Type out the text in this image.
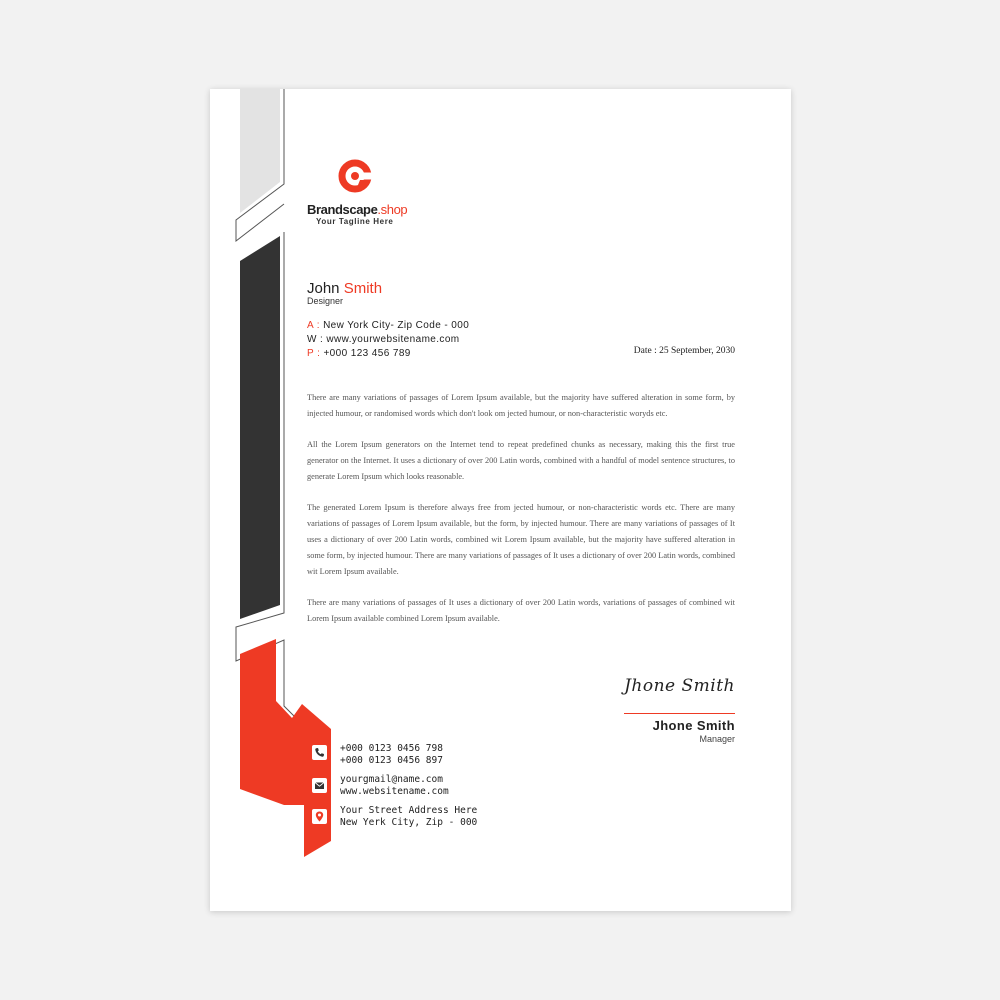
Brandscape.shop
Your Tagline Here
John Smith
Designer
A : New York City- Zip Code - 000
W : www.yourwebsitename.com
P : +000 123 456 789	Date : 25 September, 2030

There are many variations of passages of Lorem Ipsum available, but the majority have suffered alteration in some form, by injected humour, or randomised words which don't look om jected humour, or non-characteristic woryds etc.

All the Lorem Ipsum generators on the Internet tend to repeat predefined chunks as necessary, making this the first true generator on the Internet. It uses a dictionary of over 200 Latin words, combined with a handful of model sentence structures, to generate Lorem Ipsum which looks reasonable.

The generated Lorem Ipsum is therefore always free from jected humour, or non-characteristic words etc. There are many variations of passages of Lorem Ipsum available, but the form, by injected humour. There are many variations of passages of It uses a dictionary of over 200 Latin words, combined wit Lorem Ipsum available, but the majority have suffered alteration in some form, by injected humour. There are many variations of passages of It uses a dictionary of over 200 Latin words, combined wit Lorem Ipsum available.

There are many variations of passages of It uses a dictionary of over 200 Latin words, variations of passages of combined wit Lorem Ipsum available combined Lorem Ipsum available.

Jhone Smith
Jhone Smith
Manager
+000 0123 0456 798
+000 0123 0456 897
yourgmail@name.com
www.websitename.com
Your Street Address Here
New Yerk City, Zip - 000
